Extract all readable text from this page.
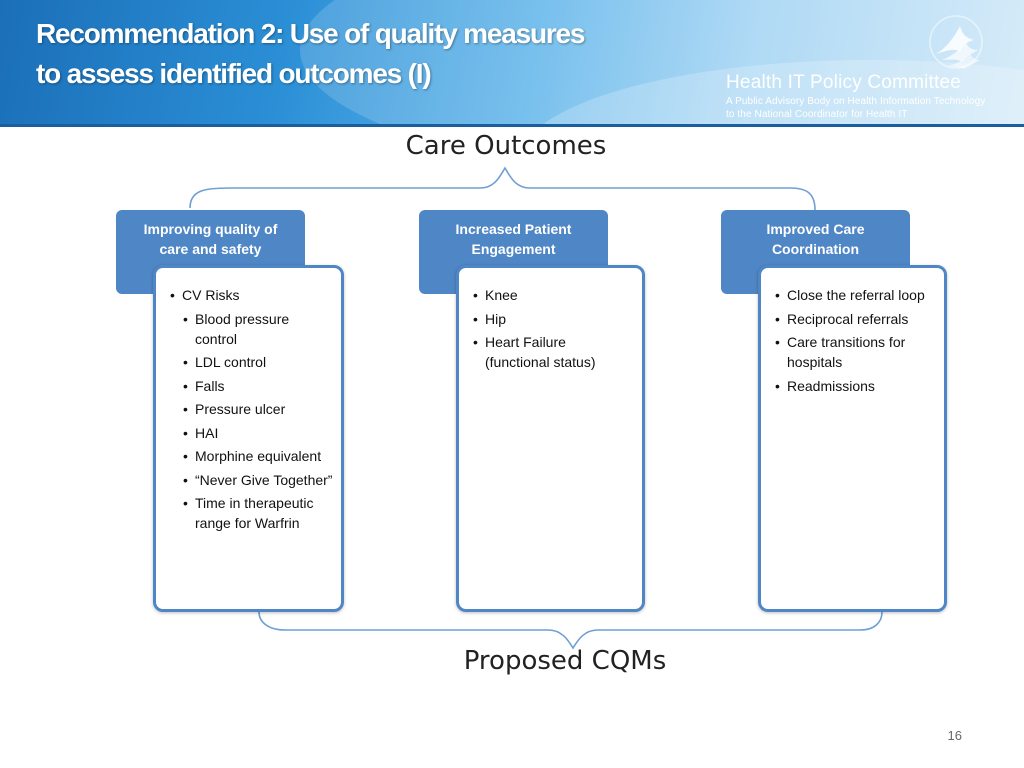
Recommendation 2: Use of quality measures
to assess identified outcomes (I)	Health IT Policy Committee
A Public Advisory Body on Health Information Technology
to the National Coordinator for Health IT
Care Outcomes
Proposed CQMs
Improving quality of
care and safety
• CV Risks
• Blood pressure control
• LDL control
• Falls
• Pressure ulcer
• HAI
• Morphine equivalent
• “Never Give Together”
• Time in therapeutic range for Warfrin
Increased Patient
Engagement
• Knee
• Hip
• Heart Failure (functional status)
Improved Care
Coordination
• Close the referral loop
• Reciprocal referrals
• Care transitions for hospitals
• Readmissions
16
